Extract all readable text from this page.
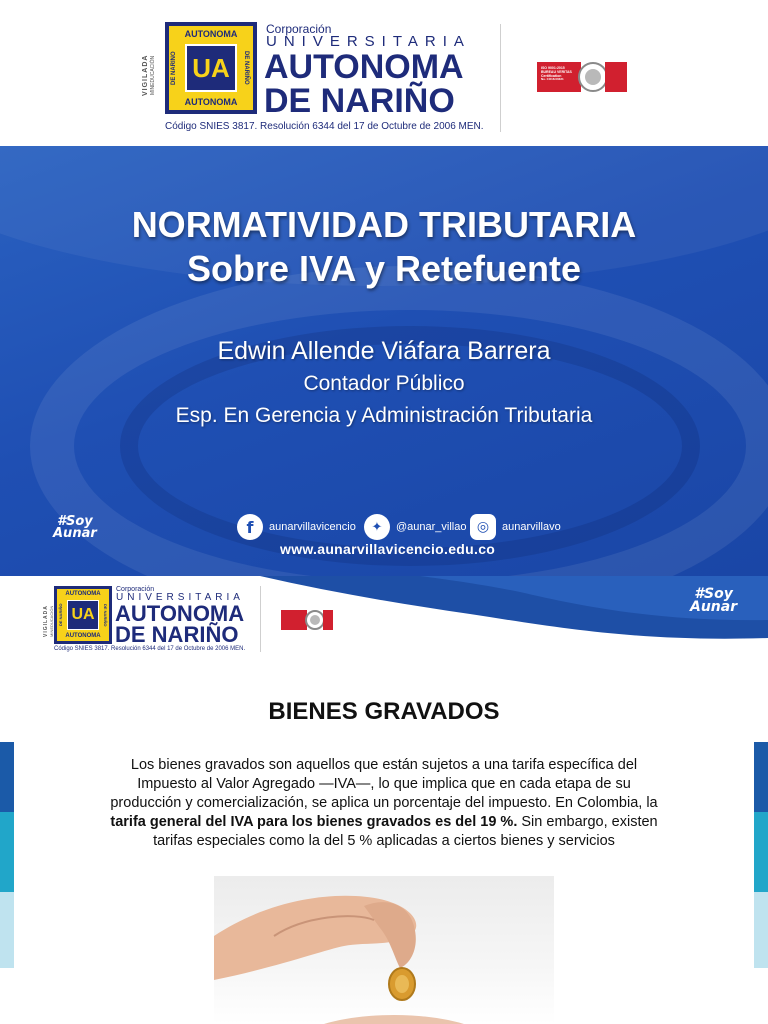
VIGILADA MINEDUCACIÓN
AUTONOMA
AUTONOMA
DE NARIÑO	DE NARIÑO
UA
Corporación
UNIVERSITARIA
AUTONOMA
DE NARIÑO
Código SNIES 3817. Resolución 6344 del 17 de Octubre de 2006 MEN.
ISO 9001:2015
BUREAU VERITAS
Certification
No. CO18.00321
NORMATIVIDAD TRIBUTARIA
Sobre IVA y Retefuente
Edwin Allende Viáfara Barrera
Contador Público
Esp. En Gerencia y Administración Tributaria
#Soy
Aunar	f aunarvillavicencio ✦ @aunar_villao ◎ aunarvillavo
www.aunarvillavicencio.edu.co
VIGILADA MINEDUCACIÓN
AUTONOMA
AUTONOMA
DE NARIÑO	DE NARIÑO
UA
Corporación
UNIVERSITARIA
AUTONOMA
DE NARIÑO
Código SNIES 3817. Resolución 6344 del 17 de Octubre de 2006 MEN.
#Soy
Aunar
BIENES GRAVADOS
Los bienes gravados son aquellos que están sujetos a una tarifa específica del Impuesto al Valor Agregado —IVA—, lo que implica que en cada etapa de su producción y comercialización, se aplica un porcentaje del impuesto. En Colombia, la tarifa general del IVA para los bienes gravados es del 19 %. Sin embargo, existen tarifas especiales como la del 5 % aplicadas a ciertos bienes y servicios
